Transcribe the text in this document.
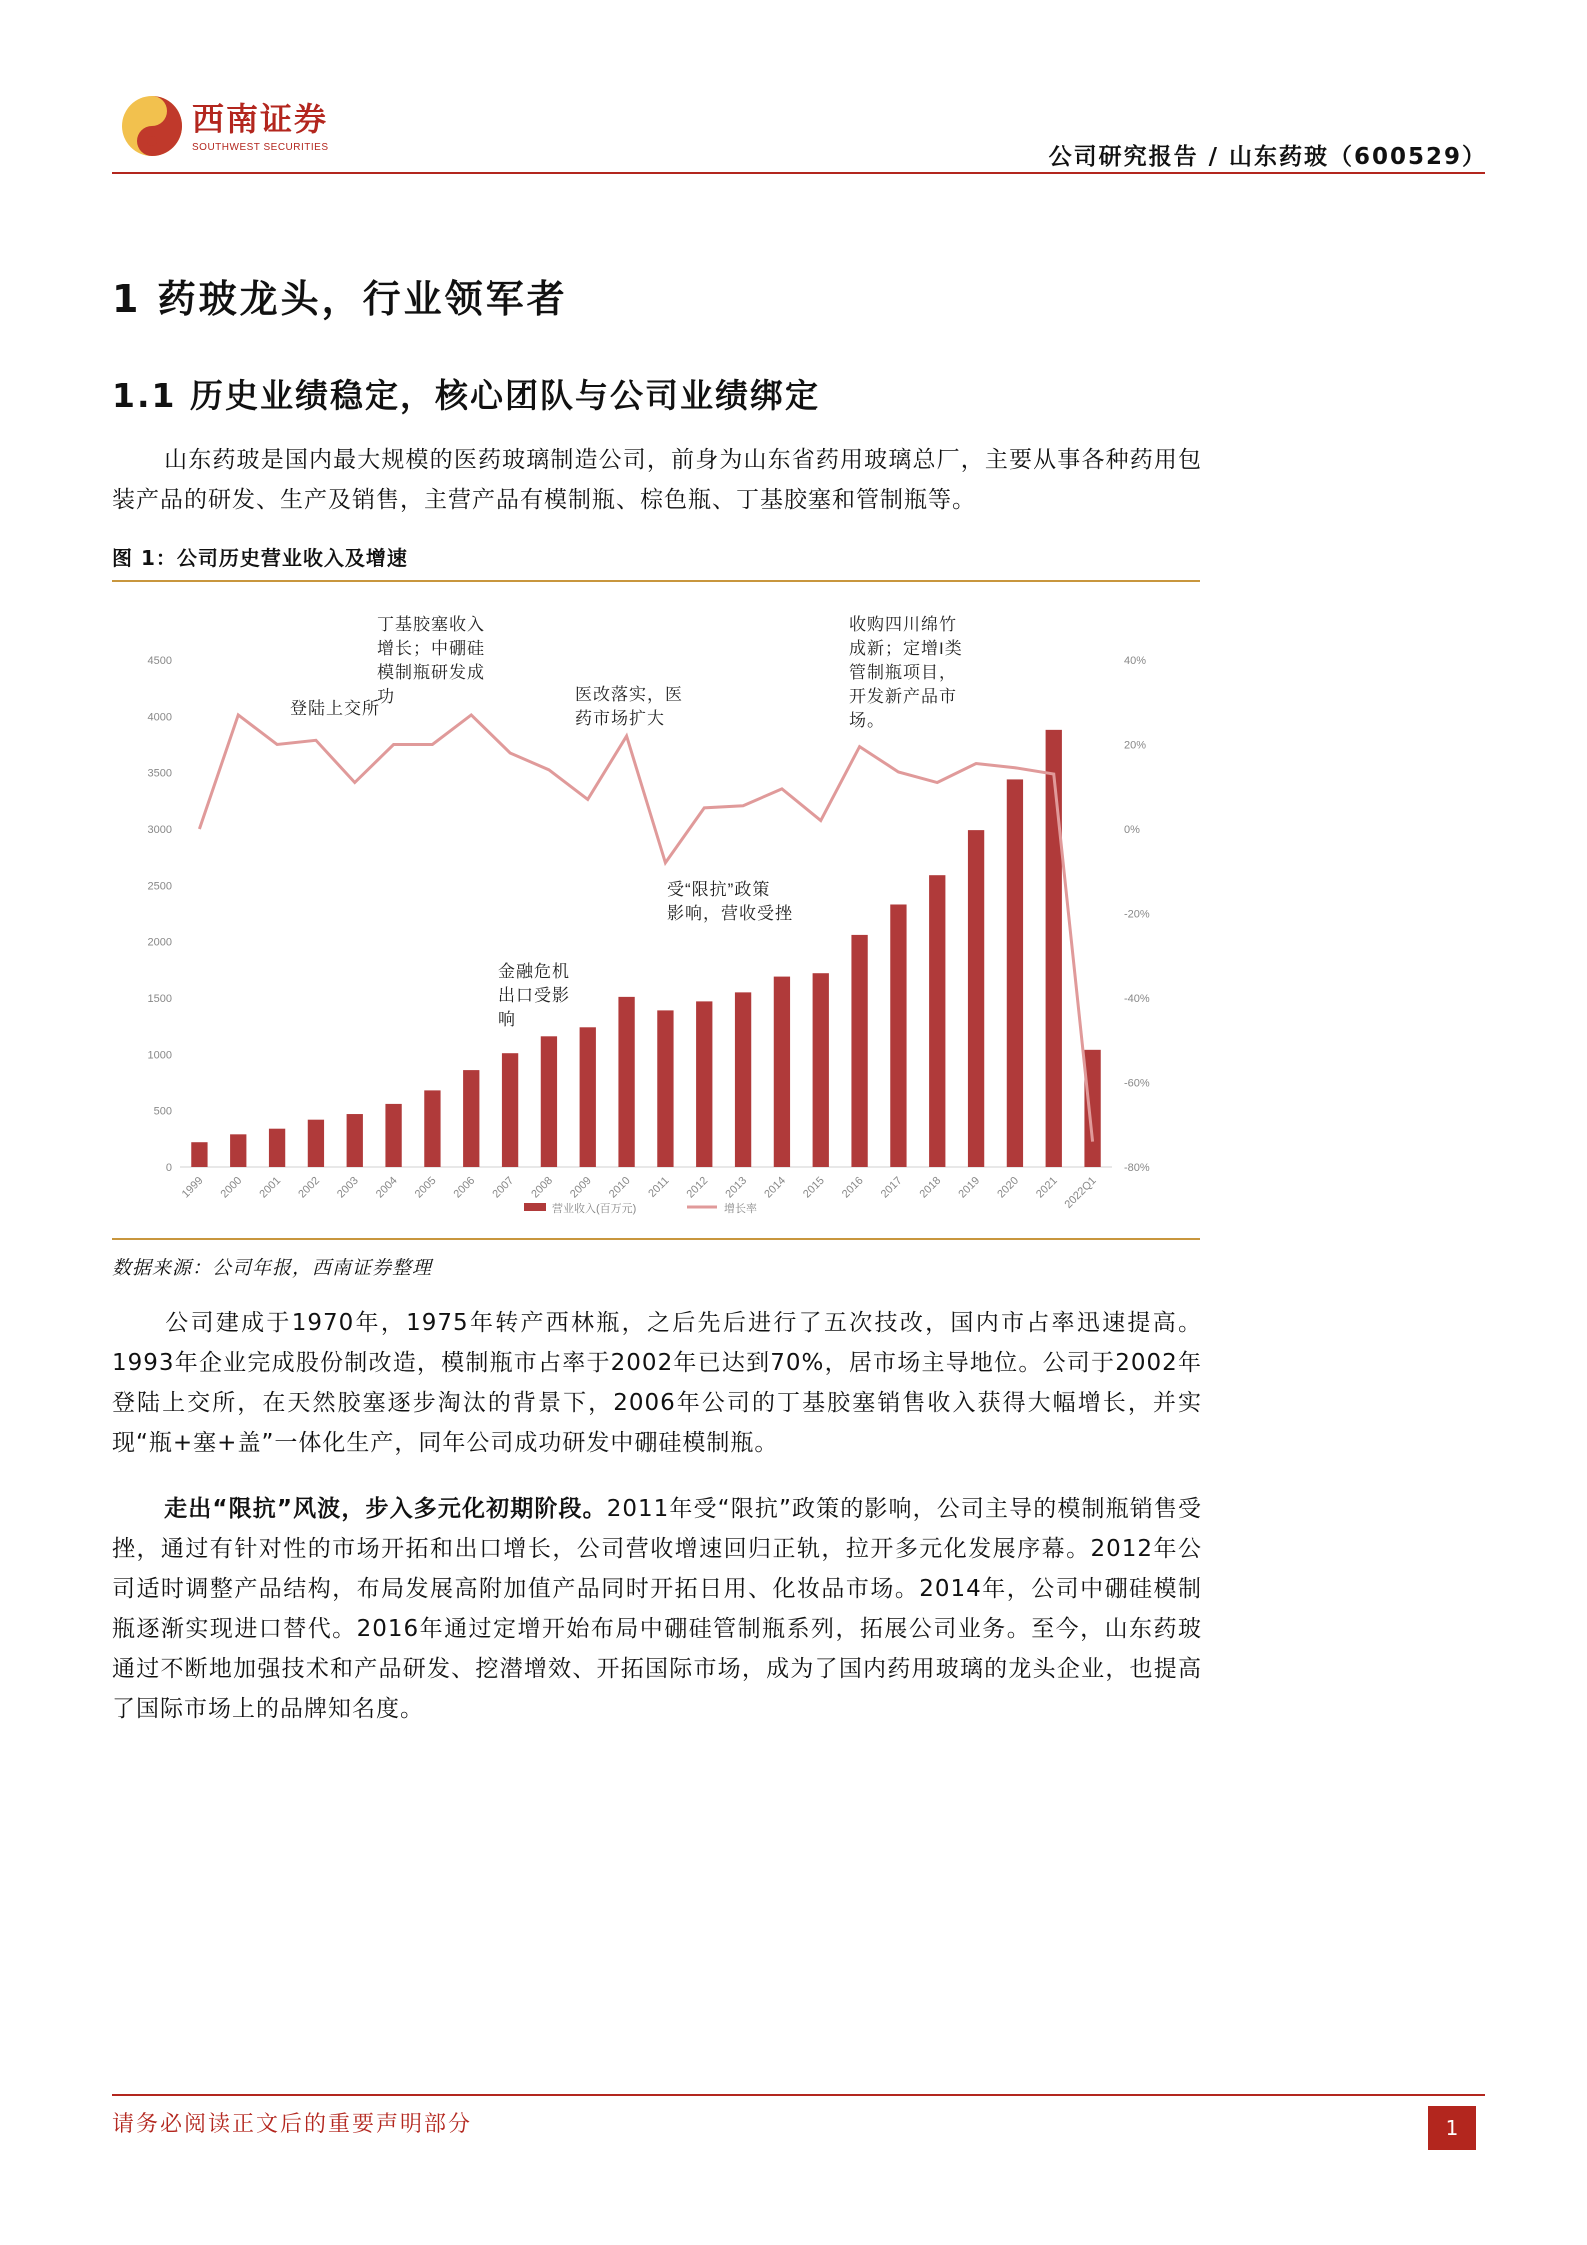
西南证券
SOUTHWEST SECURITIES	公司研究报告 / 山东药玻（600529）
1 药玻龙头，行业领军者
1.1 历史业绩稳定，核心团队与公司业绩绑定
山东药玻是国内最大规模的医药玻璃制造公司，前身为山东省药用玻璃总厂，主要从事各种药用包装产品的研发、生产及销售，主营产品有模制瓶、棕色瓶、丁基胶塞和管制瓶等。
图 1：公司历史营业收入及增速
0
500
1000
1500
2000
2500
3000
3500
4000
4500
-80%
-60%
-40%
-20%
0%
20%
40%
1999 2000 2001 2002 2003 2004 2005 2006 2007 2008 2009 2010 2011 2012 2013 2014 2015 2016 2017 2018 2019 2020 2021 2022Q1
登陆上交所
丁基胶塞收入
增长；中硼硅
模制瓶研发成
功	医改落实，医
药市场扩大
金融危机
出口受影
响
收购四川绵竹
成新；定增I类
管制瓶项目，
开发新产品市
场。
受“限抗”政策
影响，营收受挫
营业收入(百万元)	增长率
数据来源：公司年报，西南证券整理
公司建成于1970年，1975年转产西林瓶，之后先后进行了五次技改，国内市占率迅速提高。1993年企业完成股份制改造，模制瓶市占率于2002年已达到70%，居市场主导地位。公司于2002年登陆上交所，在天然胶塞逐步淘汰的背景下，2006年公司的丁基胶塞销售收入获得大幅增长，并实现“瓶+塞+盖”一体化生产，同年公司成功研发中硼硅模制瓶。
走出“限抗”风波，步入多元化初期阶段。2011年受“限抗”政策的影响，公司主导的模制瓶销售受挫，通过有针对性的市场开拓和出口增长，公司营收增速回归正轨，拉开多元化发展序幕。2012年公司适时调整产品结构，布局发展高附加值产品同时开拓日用、化妆品市场。2014年，公司中硼硅模制瓶逐渐实现进口替代。2016年通过定增开始布局中硼硅管制瓶系列，拓展公司业务。至今，山东药玻通过不断地加强技术和产品研发、挖潜增效、开拓国际市场，成为了国内药用玻璃的龙头企业，也提高了国际市场上的品牌知名度。
请务必阅读正文后的重要声明部分	1
